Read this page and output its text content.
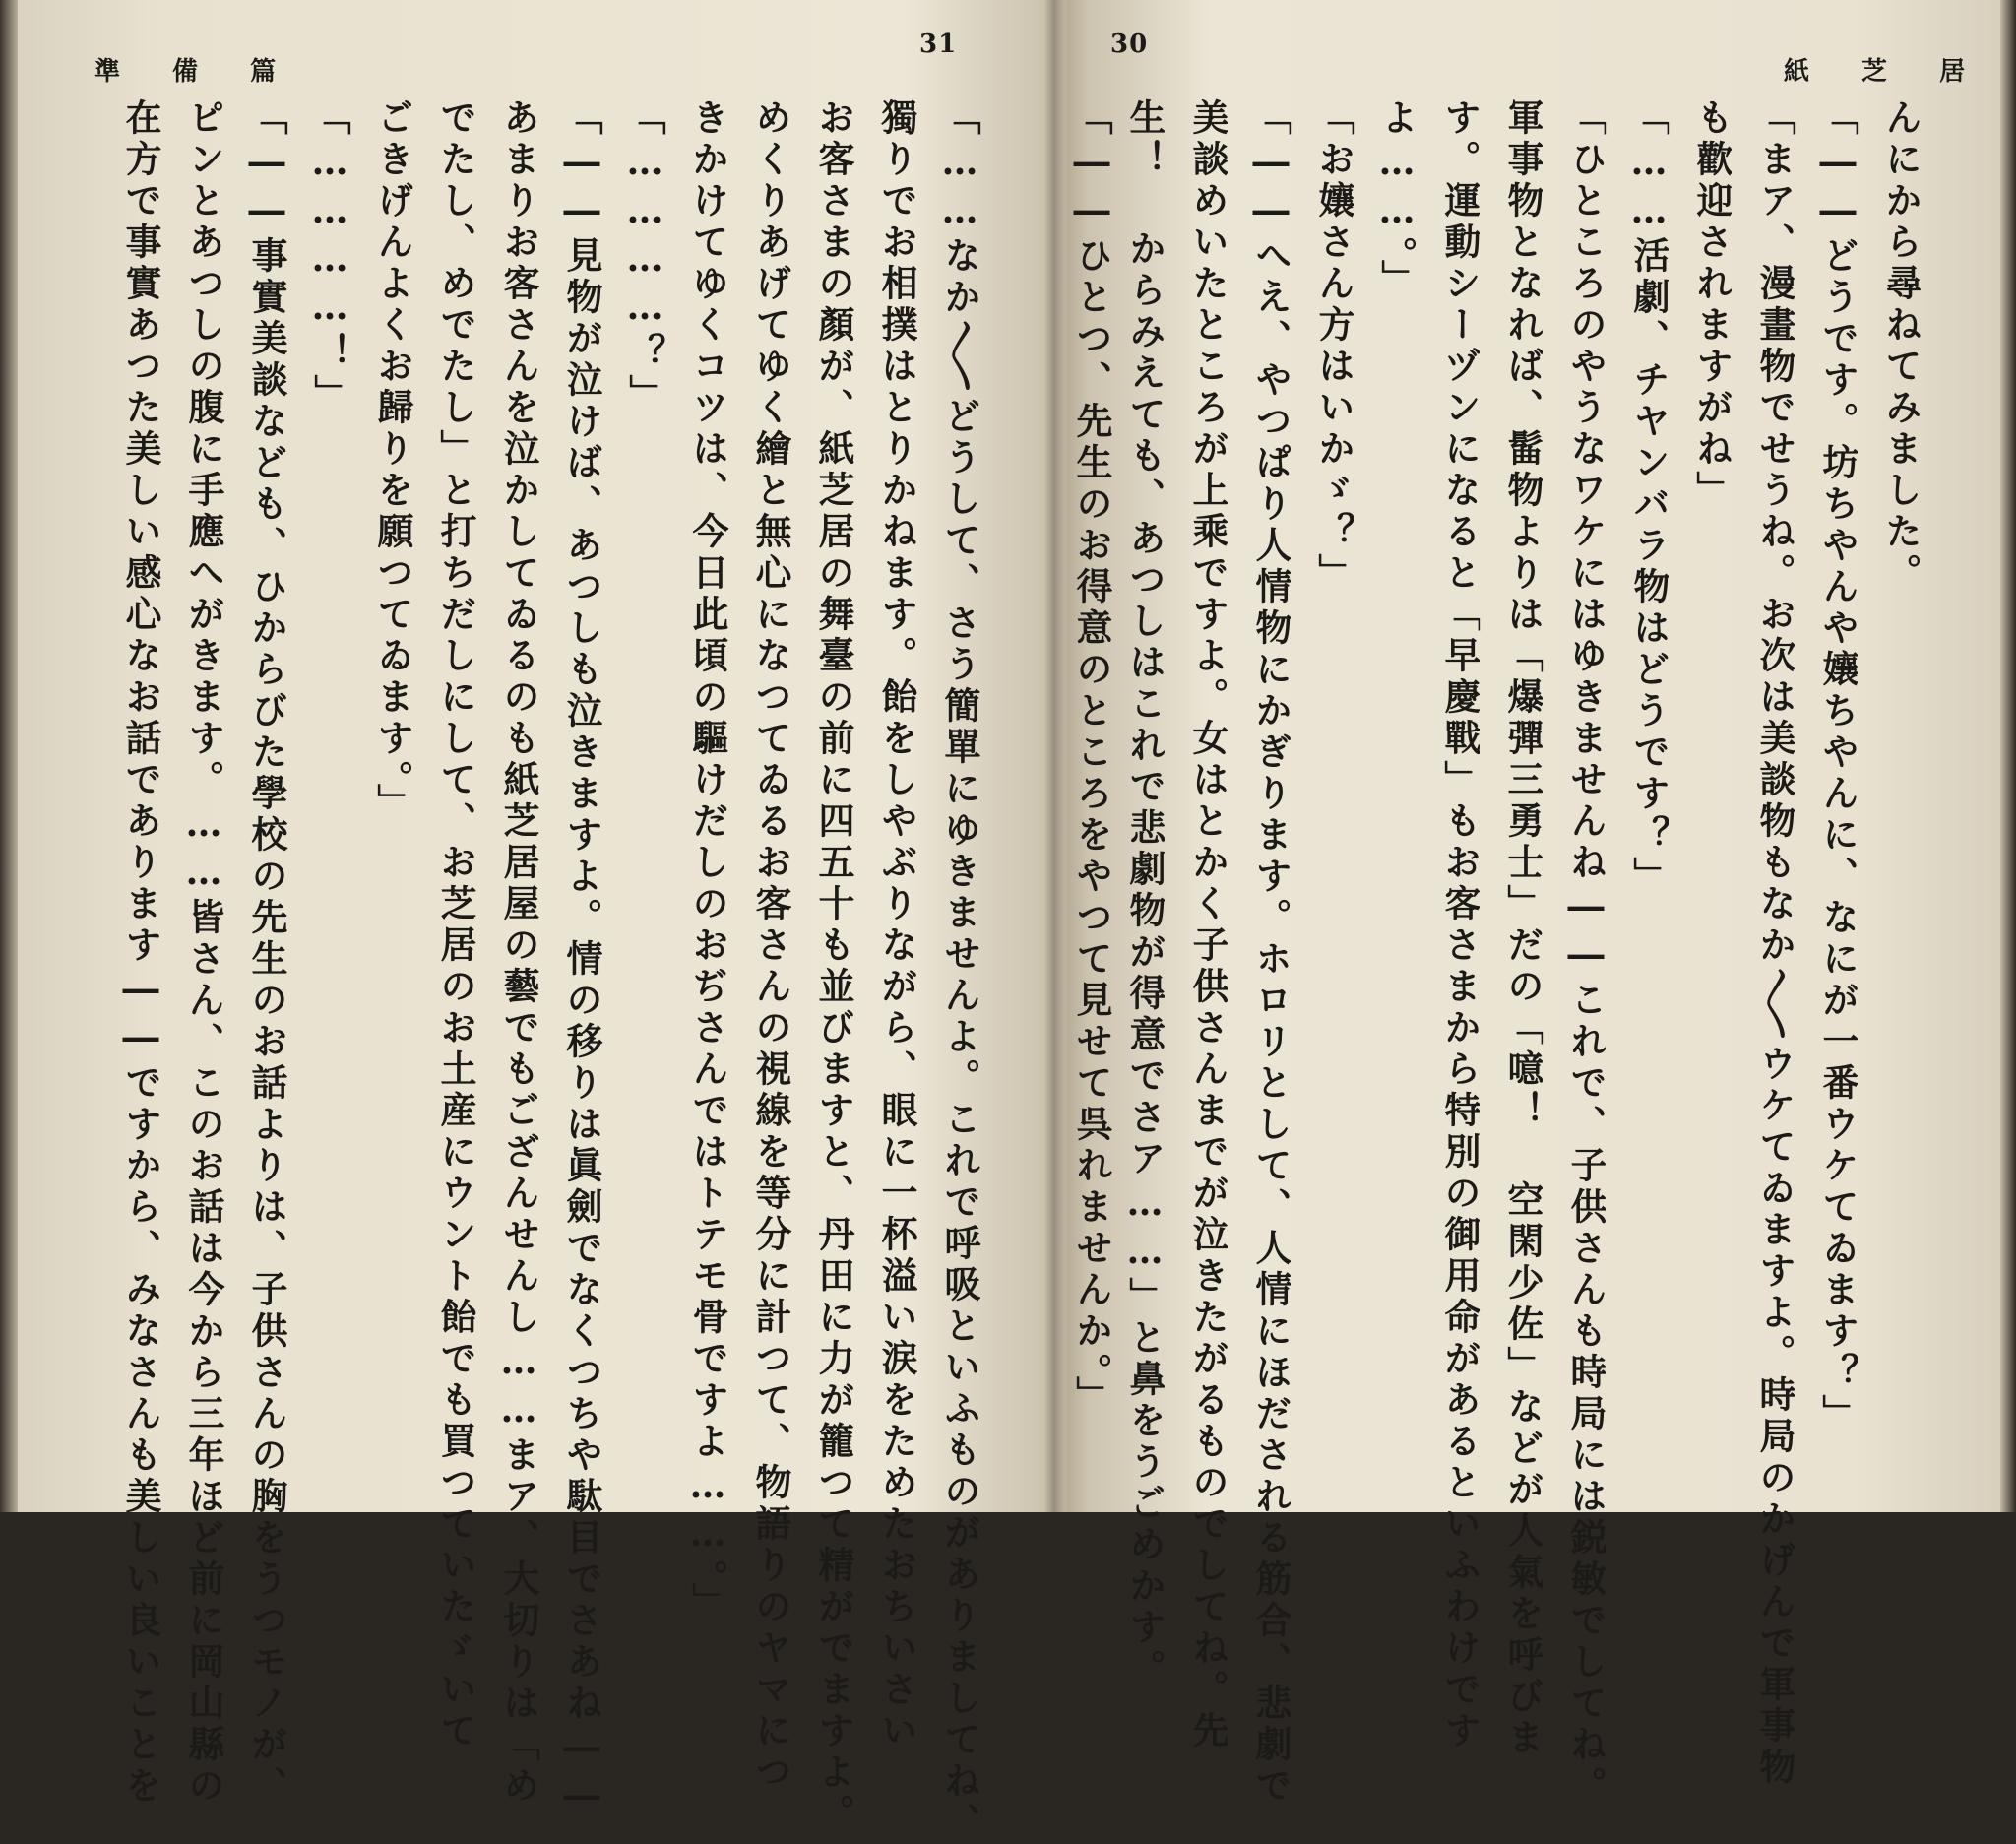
31
準 備 篇
「……なか〳〵どうして、さう簡單にゆきませんよ。これで呼吸といふものがありましてね、
獨りでお相撲はとりかねます。飴をしやぶりながら、眼に一杯溢い涙をためたおちいさい
お客さまの顏が、紙芝居の舞臺の前に四五十も並びますと、丹田に力が籠つて精がでますよ。
めくりあげてゆく繪と無心になつてゐるお客さんの視線を等分に計つて、物語りのヤマにつ
きかけてゆくコツは、今日此頃の驅けだしのおぢさんではトテモ骨ですよ……。」
「…………？」
「――見物が泣けば、あつしも泣きますよ。情の移りは眞劍でなくつちや駄目でさあね――
あまりお客さんを泣かしてゐるのも紙芝居屋の藝でもござんせんし……まア、大切りは「め
でたし、めでたし」と打ちだしにして、お芝居のお土産にウント飴でも買つていたゞいて
ごきげんよくお歸りを願つてゐます。」
「…………！」
「――事實美談なども、ひからびた學校の先生のお話よりは、子供さんの胸をうつモノが、
ピンとあつしの腹に手應へがきます。……皆さん、このお話は今から三年ほど前に岡山縣の
在方で事實あつた美しい感心なお話であります――ですから、みなさんも美しい良いことを
30
紙 芝 居
んにから尋ねてみました。
「――どうです。坊ちやんや孃ちやんに、なにが一番ウケてゐます？」
「まア、漫畫物でせうね。お次は美談物もなか〳〵ウケてゐますよ。時局のかげんで軍事物
も歡迎されますがね」
「……活劇、チヤンバラ物はどうです？」
「ひところのやうなワケにはゆきませんね――これで、子供さんも時局には鋭敏でしてね。
軍事物となれば、髷物よりは「爆彈三勇士」だの「噫！ 空閑少佐」などが人氣を呼びま
す。運動シーヅンになると「早慶戰」もお客さまから特別の御用命があるといふわけです
よ……。」
「お孃さん方はいかゞ？」
「――へえ、やつぱり人情物にかぎります。ホロリとして、人情にほだされる筋合、悲劇で
美談めいたところが上乘ですよ。女はとかく子供さんまでが泣きたがるものでしてね。先
生！ からみえても、あつしはこれで悲劇物が得意でさア……」と鼻をうごめかす。
「――ひとつ、先生のお得意のところをやつて見せて呉れませんか。」
